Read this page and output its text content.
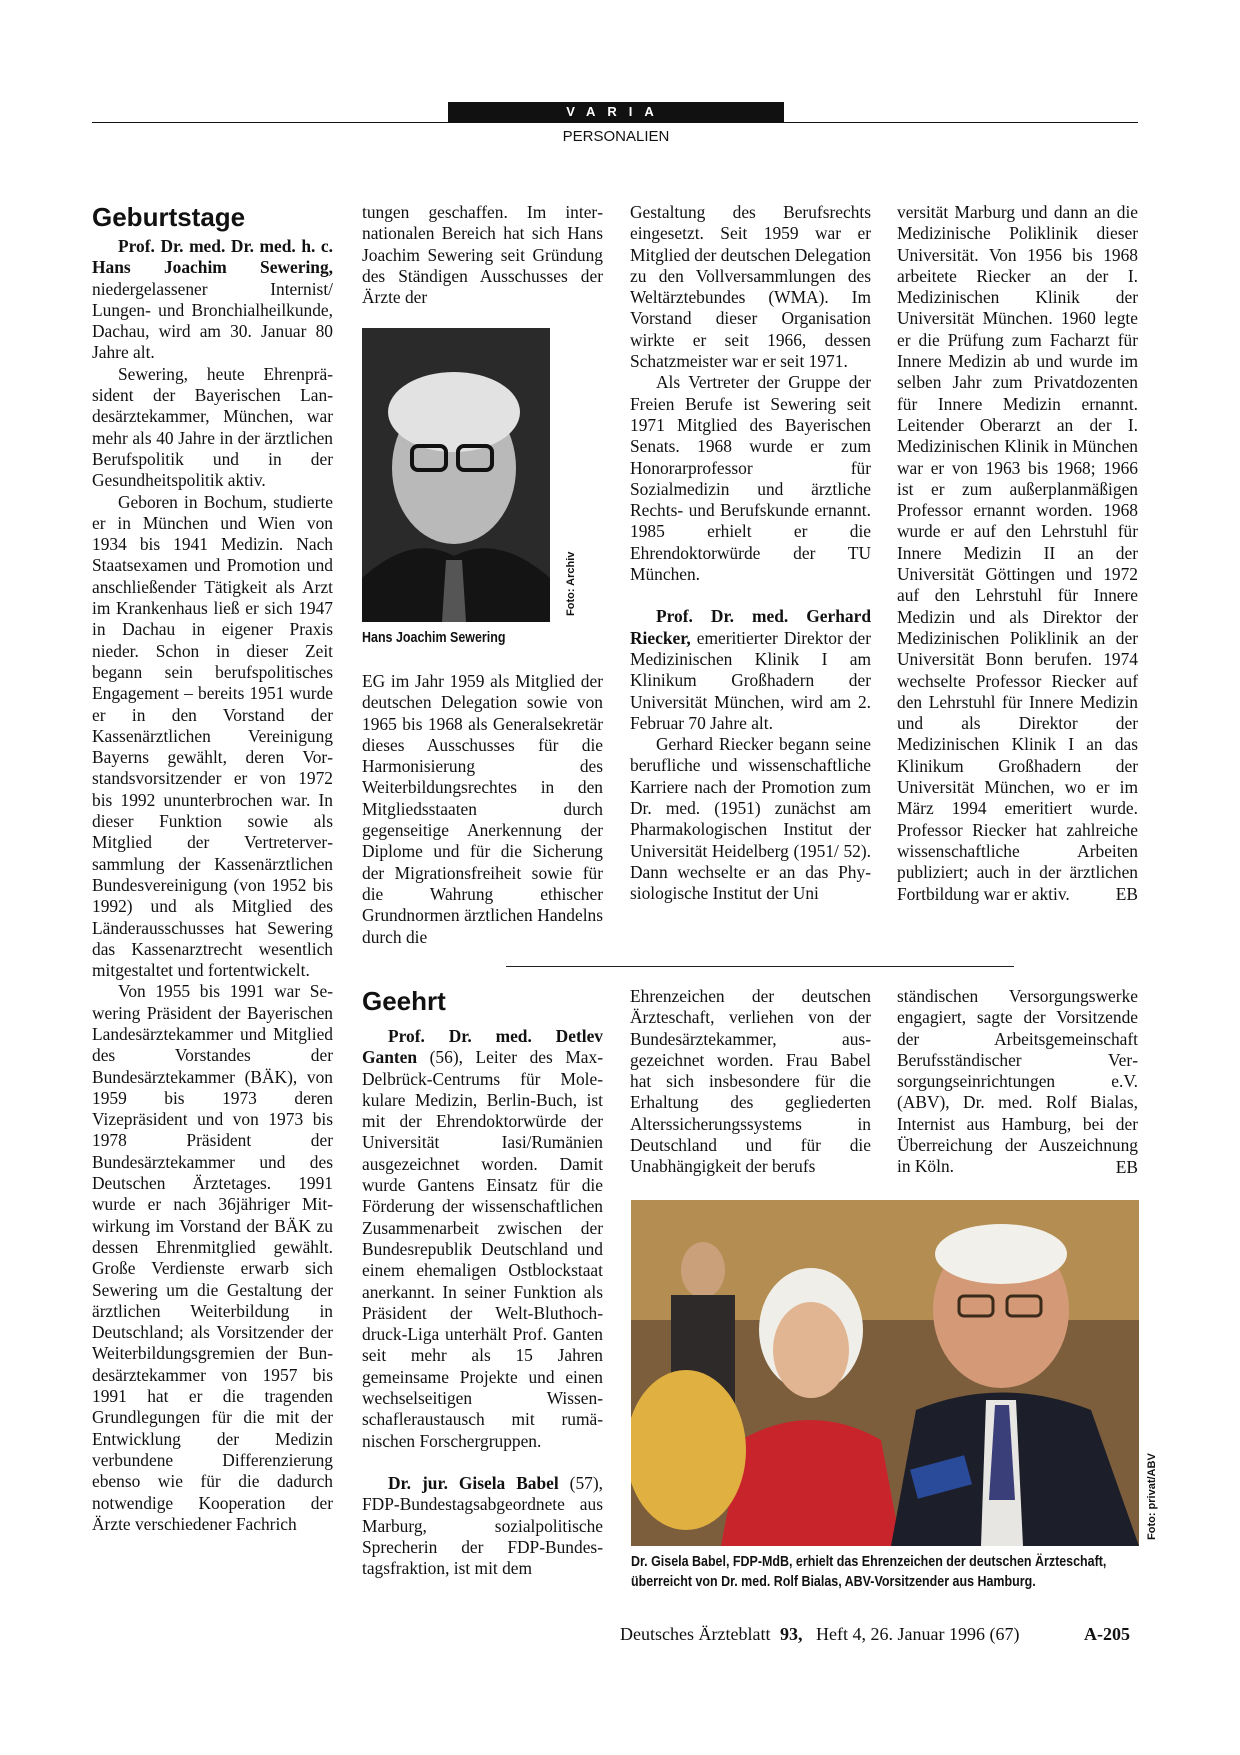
VARIA
PERSONALIEN
Geburtstage

Prof. Dr. med. Dr. med. h. c. Hans Joachim Sewering, niedergelassener Internist/ Lungen- und Bronchialheilkunde, Dachau, wird am 30. Januar 80 Jahre alt.

Sewering, heute Ehrenpräsident der Bayerischen Landesärztekammer, München, war mehr als 40 Jahre in der ärztlichen Berufspolitik und in der Gesundheitspolitik aktiv.

Geboren in Bochum, studierte er in München und Wien von 1934 bis 1941 Medizin. Nach Staatsexamen und Promotion und anschließender Tätigkeit als Arzt im Krankenhaus ließ er sich 1947 in Dachau in eigener Praxis nieder. Schon in dieser Zeit begann sein berufspolitisches Engagement – bereits 1951 wurde er in den Vorstand der Kassenärztlichen Vereinigung Bayerns gewählt, deren Vorstandsvorsitzender er von 1972 bis 1992 ununterbrochen war. In dieser Funktion sowie als Mitglied der Vertreterversammlung der Kassenärztlichen Bundesvereinigung (von 1952 bis 1992) und als Mitglied des Länderausschusses hat Sewering das Kassenarztrecht wesentlich mitgestaltet und fortentwickelt.

Von 1955 bis 1991 war Sewering Präsident der Bayerischen Landesärztekammer und Mitglied des Vorstandes der Bundesärztekammer (BÄK), von 1959 bis 1973 deren Vizepräsident und von 1973 bis 1978 Präsident der Bundesärztekammer und des Deutschen Ärztetages. 1991 wurde er nach 36jähriger Mitwirkung im Vorstand der BÄK zu dessen Ehrenmitglied gewählt. Große Verdienste erwarb sich Sewering um die Gestaltung der ärztlichen Weiterbildung in Deutschland; als Vorsitzender der Weiterbildungsgremien der Bundesärztekammer von 1957 bis 1991 hat er die tragenden Grundlegungen für die mit der Entwicklung der Medizin verbundene Differenzierung ebenso wie für die dadurch notwendige Kooperation der Ärzte verschiedener Fachrich

tungen geschaffen. Im internationalen Bereich hat sich Hans Joachim Sewering seit Gründung des Ständigen Ausschusses der Ärzte der

Foto: Archiv
Hans Joachim Sewering

EG im Jahr 1959 als Mitglied der deutschen Delegation sowie von 1965 bis 1968 als Generalsekretär dieses Ausschusses für die Harmonisierung des Weiterbildungsrechtes in den Mitgliedsstaaten durch gegenseitige Anerkennung der Diplome und für die Sicherung der Migrationsfreiheit sowie für die Wahrung ethischer Grundnormen ärztlichen Handelns durch die

Gestaltung des Berufsrechts eingesetzt. Seit 1959 war er Mitglied der deutschen Delegation zu den Vollversammlungen des Weltärztebundes (WMA). Im Vorstand dieser Organisation wirkte er seit 1966, dessen Schatzmeister war er seit 1971.

Als Vertreter der Gruppe der Freien Berufe ist Sewering seit 1971 Mitglied des Bayerischen Senats. 1968 wurde er zum Honorarprofessor für Sozialmedizin und ärztliche Rechts- und Berufskunde ernannt. 1985 erhielt er die Ehrendoktorwürde der TU München.

Prof. Dr. med. Gerhard Riecker, emeritierter Direktor der Medizinischen Klinik I am Klinikum Großhadern der Universität München, wird am 2. Februar 70 Jahre alt.

Gerhard Riecker begann seine berufliche und wissenschaftliche Karriere nach der Promotion zum Dr. med. (1951) zunächst am Pharmakologischen Institut der Universität Heidelberg (1951/ 52). Dann wechselte er an das Physiologische Institut der Uni

versität Marburg und dann an die Medizinische Poliklinik dieser Universität. Von 1956 bis 1968 arbeitete Riecker an der I. Medizinischen Klinik der Universität München. 1960 legte er die Prüfung zum Facharzt für Innere Medizin ab und wurde im selben Jahr zum Privatdozenten für Innere Medizin ernannt. Leitender Oberarzt an der I. Medizinischen Klinik in München war er von 1963 bis 1968; 1966 ist er zum außerplanmäßigen Professor ernannt worden. 1968 wurde er auf den Lehrstuhl für Innere Medizin II an der Universität Göttingen und 1972 auf den Lehrstuhl für Innere Medizin und als Direktor der Medizinischen Poliklinik an der Universität Bonn berufen. 1974 wechselte Professor Riecker auf den Lehrstuhl für Innere Medizin und als Direktor der Medizinischen Klinik I an das Klinikum Großhadern der Universität München, wo er im März 1994 emeritiert wurde. Professor Riecker hat zahlreiche wissenschaftliche Arbeiten publiziert; auch in der ärztlichen Fortbildung war er aktiv.	EB
Geehrt

Prof. Dr. med. Detlev Ganten (56), Leiter des Max-Delbrück-Centrums für Molekulare Medizin, Berlin-Buch, ist mit der Ehrendoktorwürde der Universität Iasi/Rumänien ausgezeichnet worden. Damit wurde Gantens Einsatz für die Förderung der wissenschaftlichen Zusammenarbeit zwischen der Bundesrepublik Deutschland und einem ehemaligen Ostblockstaat anerkannt. In seiner Funktion als Präsident der Welt-Bluthochdruck-Liga unterhält Prof. Ganten seit mehr als 15 Jahren gemeinsame Projekte und einen wechselseitigen Wissenschafleraustausch mit rumänischen Forschergruppen.

Dr. jur. Gisela Babel (57), FDP-Bundestagsabgeordnete aus Marburg, sozialpolitische Sprecherin der FDP-Bundestagsfraktion, ist mit dem

Ehrenzeichen der deutschen Ärzteschaft, verliehen von der Bundesärztekammer, ausgezeichnet worden. Frau Babel hat sich insbesondere für die Erhaltung des gegliederten Alterssicherungssystems in Deutschland und für die Unabhängigkeit der berufs

ständischen Versorgungswerke engagiert, sagte der Vorsitzende der Arbeitsgemeinschaft Berufsständischer Versorgungseinrichtungen e.V. (ABV), Dr. med. Rolf Bialas, Internist aus Hamburg, bei der Überreichung der Auszeichnung in Köln.	EB
Foto: privat/ABV
Dr. Gisela Babel, FDP-MdB, erhielt das Ehrenzeichen der deutschen Ärzteschaft, überreicht von Dr. med. Rolf Bialas, ABV-Vorsitzender aus Hamburg.
Deutsches Ärzteblatt 93, Heft 4, 26. Januar 1996 (67)	A-205
